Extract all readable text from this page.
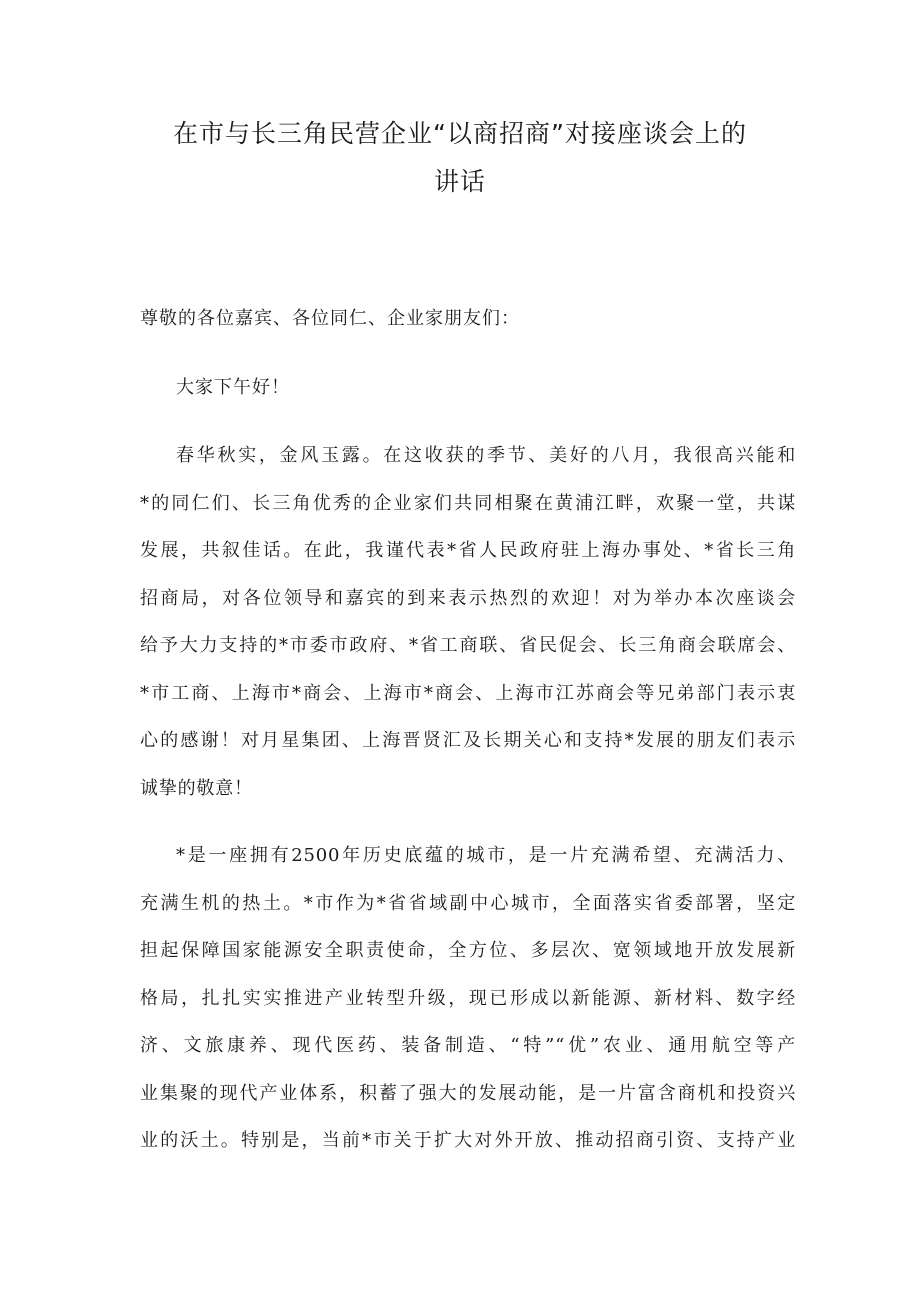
在市与长三角民营企业“以商招商”对接座谈会上的
讲话

尊敬的各位嘉宾、各位同仁、企业家朋友们：

大家下午好！

春华秋实，金风玉露。在这收获的季节、美好的八月，我很高兴能和
*的同仁们、长三角优秀的企业家们共同相聚在黄浦江畔，欢聚一堂，共谋
发展，共叙佳话。在此，我谨代表*省人民政府驻上海办事处、*省长三角
招商局，对各位领导和嘉宾的到来表示热烈的欢迎！对为举办本次座谈会
给予大力支持的*市委市政府、*省工商联、省民促会、长三角商会联席会、
*市工商、上海市*商会、上海市*商会、上海市江苏商会等兄弟部门表示衷
心的感谢！对月星集团、上海晋贤汇及长期关心和支持*发展的朋友们表示
诚挚的敬意！

*是一座拥有2500年历史底蕴的城市，是一片充满希望、充满活力、
充满生机的热土。*市作为*省省域副中心城市，全面落实省委部署，坚定
担起保障国家能源安全职责使命，全方位、多层次、宽领域地开放发展新
格局，扎扎实实推进产业转型升级，现已形成以新能源、新材料、数字经
济、文旅康养、现代医药、装备制造、“特”“优”农业、通用航空等产
业集聚的现代产业体系，积蓄了强大的发展动能，是一片富含商机和投资兴
业的沃土。特别是，当前*市关于扩大对外开放、推动招商引资、支持产业
